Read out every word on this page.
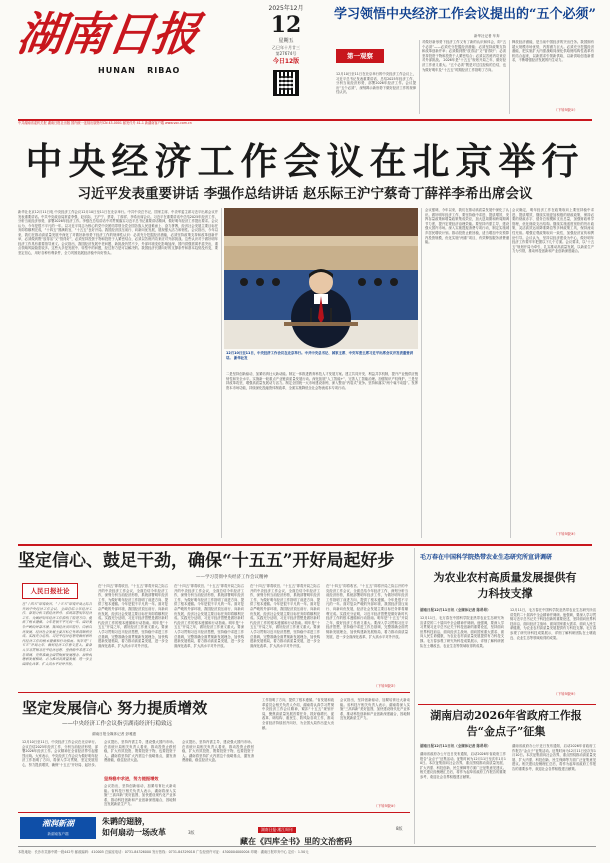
湖南日报
HUNAN   RIBAO
2025年12月
12
星期五
乙巳年十月廿三
第27674号
今日12版
中共湖南省委机关报 湖南日报社出版 国内统一连续出版物号CN 43-0001 邮发代号 41-1 新湖南客户端 www.voc.com.cn
学习领悟中央经济工作会议提出的“五个必须”
新华社记者 车奔
第一观察
12月10日至11日在北京举行的中央经济工作会议上，习近平总书记发表重要讲话，总结2025年经济工作，分析当前经济形势，部署2026年经济工作。会议提出“五个必须”，深刻揭示新形势下做好经济工作的规律性认识。
对做好新形势下经济工作又有了新的认识和体会，即“五个必须”——必须充分挖掘经济潜能；必须坚持政策支持和改革创新并举；必须做到既“放得活”又“管得好”；必须坚持投资于物和投资于人紧密结合；必须以苦练内功来应对外部挑战。 2026年是“十五五”规划开局之年，做好经济工作意义重大。“五个必须”既是对过往经验的总结，也为做好明年及“十五五”时期经济工作指明了方向。
释放经济潜能，是当前中国经济的突出任务。我国拥有超大规模市场优势，内需潜力巨大。必须充分挖掘经济潜能，把实施扩大内需战略同深化供给侧结构性改革有机结合起来，以新需求引领新供给，以新供给创造新需求，不断增强经济发展的内生动力。
（下转5版①）
中央经济工作会议在北京举行
习近平发表重要讲话 李强作总结讲话 赵乐际王沪宁蔡奇丁薛祥李希出席会议
新华社北京12月11日电 中央经济工作会议12月10日至11日在北京举行。中共中央总书记、国家主席、中央军委主席习近平出席会议并发表重要讲话。中共中央政治局常委李强、赵乐际、王沪宁、蔡奇、丁薛祥、李希出席会议。习近平在重要讲话中总结2025年经济工作，分析当前经济形势，部署2026年经济工作。李强在总结讲话中对贯彻落实习近平总书记重要讲话精神，做好明年经济工作提出要求。会议认为，今年是很不平凡的一年。以习近平同志为核心的党中央团结带领全党全国各族人民迎难而上、奋力拼搏，经济社会发展主要目标任务即将顺利完成，“十四五”圆满收官，“十五五”良好开局。我国经济顶压前行、向新向优发展，展现强大活力和韧性。会议指出，今年以来，我们在推动高质量发展中深化了对做好新形势下经济工作的规律性认识：必须充分挖掘经济潜能，必须坚持政策支持和改革创新并举，必须做到既“放得活”又“管得好”，必须坚持投资于物和投资于人紧密结合，必须以苦练内功来应对外部挑战。这些认识对于做好明年经济工作具有重要指导意义。会议指出，我国经济发展中老问题、新挑战仍然不少，外部环境变化影响加深，国内供强需弱矛盾突出，重点领域风险隐患较多。这些大多是发展中、转型中的问题，经过努力是可以解决的。我国经济长期向好的支撑条件和基本趋势没有变，要坚定信心，用好各种有利条件，全力巩固拓展经济稳中向好势头。
12月10日至11日，中央经济工作会议在北京举行。中共中央总书记、国家主席、中央军委主席习近平出席会议并发表重要讲话。 新华社发
二是坚持创新驱动，加紧培育壮大新动能。制定一体推进教育科技人才发展方案。建立共同开发、利益共享机制，提升产业链供应链韧性和安全水平。实施新一轮重点产业链高质量发展行动。深化拓展“人工智能+”，完善人工智能治理。加强知识产权保护。三是坚持改革攻坚，增强高质量发展动力活力。制定全国统一大市场建设条例，深入整治“内卷式”竞争。坚持和落实“两个毫不动摇”。发挥资本市场功能，持续深化投融资体制改革，全面实施降低全社会物流成本专项行动。
会议强调，今年以来，我们在推动高质量发展中深化了认识。做好明年经济工作，要坚持稳中求进、提质增效，发挥存量政策和增量政策集成效应，加大逆周期和跨周期调节力度，提升宏观经济治理效能。要坚持内需主导，建设强大国内市场。深入实施提振消费专项行动，制定实施城乡居民增收计划。推动投资止跌回稳，适当增加中央预算内投资规模，优化实施“两重”项目，有效释放服务消费潜能。
会议确定，明年经济工作在政策取向上要坚持稳中求进、提质增效，继续实施更加积极的财政政策，保持必要的财政赤字、债务总规模和支出总量，加强财政科学管理，优化财政支出结构。继续实施适度宽松的货币政策，灵活高效运用降准降息等多种政策工具，保持流动性充裕。增强宏观政策取向一致性，加强经济宣传和舆论引导。会议认为，坚持以经济建设为中心，做好明年经济工作要牢牢把握以下几个方面。会议要求，以“十五五”规划开局为牵引，扎实推动高质量发展，以新质生产力为引领，推动科技创新和产业创新深度融合。
（下转5版③）
坚定信心、鼓足干劲，确保“十五五”开好局起好步
——学习贯彻中央经济工作会议精神
人民日报社论
在“十四五”即将收官、“十五五”即将开局之际召开的中央经济工作会议，全面总结今年经济工作，深刻分析当前经济形势，系统部署明年经济工作，为做好明年经济工作指明了前进方向、提供了根本遵循。今年是很不平凡的一年。面对复杂严峻的外部环境，我国经济顶压前行、向新向优发展，经济社会发展主要目标任务即将顺利完成。实践充分证明，习近平经济思想是做好新时代经济工作的根本遵循和行动指南。明年是“十五五”开局之年，做好经济工作意义重大。要深入学习贯彻习近平经济思想，坚持稳中求进工作总基调，完整准确全面贯彻新发展理念，加快构建新发展格局，着力推动高质量发展，进一步全面深化改革，扩大高水平对外开放。
在“十四五”即将收官、“十五五”即将开局之际召开的中央经济工作会议，全面总结今年经济工作，深刻分析当前经济形势，系统部署明年经济工作，为做好明年经济工作指明了前进方向、提供了根本遵循。今年是很不平凡的一年。面对复杂严峻的外部环境，我国经济顶压前行、向新向优发展，经济社会发展主要目标任务即将顺利完成。实践充分证明，习近平经济思想是做好新时代经济工作的根本遵循和行动指南。明年是“十五五”开局之年，做好经济工作意义重大。要深入学习贯彻习近平经济思想，坚持稳中求进工作总基调，完整准确全面贯彻新发展理念，加快构建新发展格局，着力推动高质量发展，进一步全面深化改革，扩大高水平对外开放。
在“十四五”即将收官、“十五五”即将开局之际召开的中央经济工作会议，全面总结今年经济工作，深刻分析当前经济形势，系统部署明年经济工作，为做好明年经济工作指明了前进方向、提供了根本遵循。今年是很不平凡的一年。面对复杂严峻的外部环境，我国经济顶压前行、向新向优发展，经济社会发展主要目标任务即将顺利完成。实践充分证明，习近平经济思想是做好新时代经济工作的根本遵循和行动指南。明年是“十五五”开局之年，做好经济工作意义重大。要深入学习贯彻习近平经济思想，坚持稳中求进工作总基调，完整准确全面贯彻新发展理念，加快构建新发展格局，着力推动高质量发展，进一步全面深化改革，扩大高水平对外开放。
在“十四五”即将收官、“十五五”即将开局之际召开的中央经济工作会议，全面总结今年经济工作，深刻分析当前经济形势，系统部署明年经济工作，为做好明年经济工作指明了前进方向、提供了根本遵循。今年是很不平凡的一年。面对复杂严峻的外部环境，我国经济顶压前行、向新向优发展，经济社会发展主要目标任务即将顺利完成。实践充分证明，习近平经济思想是做好新时代经济工作的根本遵循和行动指南。明年是“十五五”开局之年，做好经济工作意义重大。要深入学习贯彻习近平经济思想，坚持稳中求进工作总基调，完整准确全面贯彻新发展理念，加快构建新发展格局，着力推动高质量发展，进一步全面深化改革，扩大高水平对外开放。
在“十四五”即将收官、“十五五”即将开局之际召开的中央经济工作会议，全面总结今年经济工作，深刻分析当前经济形势，系统部署明年经济工作，为做好明年经济工作指明了前进方向、提供了根本遵循。今年是很不平凡的一年。面对复杂严峻的外部环境，我国经济顶压前行、向新向优发展，经济社会发展主要目标任务即将顺利完成。实践充分证明，习近平经济思想是做好新时代经济工作的根本遵循和行动指南。明年是“十五五”开局之年，做好经济工作意义重大。要深入学习贯彻习近平经济思想，坚持稳中求进工作总基调，完整准确全面贯彻新发展理念，加快构建新发展格局，着力推动高质量发展，进一步全面深化改革，扩大高水平对外开放。
（下转5版②）
坚定发展信心 努力提质增效
——中央经济工作会议指引湖南经济行稳致远
湖南日报全媒体记者 彭雅惠
12月10日至11日，中央经济工作会议在北京举行。会议总结2025年经济工作，分析当前经济形势，部署2026年经济工作。会议精神在全省经济界引起强烈反响。大家表示，中央经济工作会议为做好明年经济工作指明了方向，将深入学习贯彻，坚定发展信心，努力提质增效，确保“十五五”开好局、起好步。
会议提出，坚持内需主导，建设强大国内市场。在省统计局相关负责人看来，推动投资止跌回稳，扩大有效投资，既要投资于物，也要投资于人。湖南将坚持扩大内需这个战略基点，激发消费潜能，稳住经济大盘。
坚持稳中求进，努力提振增效
会议指出，坚持创新驱动，加紧培育壮大新动能。省科技厅相关负责人表示，湖南将深入实施“三高四新”美好蓝图，加快建设现代化产业体系，推动科技创新和产业创新深度融合，因地制宜发展新质生产力。
会议提出，坚持内需主导，建设强大国内市场。在省统计局相关负责人看来，推动投资止跌回稳，扩大有效投资，既要投资于物，也要投资于人。湖南将坚持扩大内需这个战略基点，激发消费潜能，稳住经济大盘。
工作指明了方向，提供了根本遵循。”省发展和改革委员会相关负责人介绍，湖南将认真学习贯彻中央经济工作会议精神，紧扣“十五五”规划开局，聚焦高质量发展首要任务，抓好稳增长、促改革、调结构、惠民生、防风险各项工作，推动全省经济持续回升向好，为全国大局作出更大贡献。
会议指出，坚持创新驱动，加紧培育壮大新动能。省科技厅相关负责人表示，湖南将深入实施“三高四新”美好蓝图，加快建设现代化产业体系，推动科技创新和产业创新深度融合，因地制宜发展新质生产力。
（下转5版④）
湘润新湖
新湖南客户端
朱鹮的翅膀，
如何扇动一场改革	3版
湖南日报·湘江周刊
藏在《四库全书》里的文治密码
8版
毛万春在中国科学院热带农业生态研究所宣讲调研
为农业农村高质量发展提供有力科技支撑
湖南日报12月11日讯（全媒体记者 陈昂昂）
12月11日，毛万春在中国科学院亚热带农业生态研究所宣讲党的二十届四中全会精神并调研。他强调，要深入学习贯彻习近平总书记关于科技创新的重要论述，坚持面向世界科技前沿、面向经济主战场、面向国家重大需求、面向人民生命健康，为农业农村高质量发展提供有力科技支撑。毛万春参观了研究所科技成果展示，详细了解科研团队在土壤改良、农业生态等领域取得的成果。
12月11日，毛万春在中国科学院亚热带农业生态研究所宣讲党的二十届四中全会精神并调研。他强调，要深入学习贯彻习近平总书记关于科技创新的重要论述，坚持面向世界科技前沿、面向经济主战场、面向国家重大需求、面向人民生命健康，为农业农村高质量发展提供有力科技支撑。毛万春参观了研究所科技成果展示，详细了解科研团队在土壤改良、农业生态等领域取得的成果。
（下转5版⑤）
湖南启动2026年省政府工作报告“金点子”征集
湖南日报12月11日讯（全媒体记者 陈昂昂）
湖南省政府办公厅近日发布通知，启动2026年省政府工作报告“金点子”征集活动。征集时间为12月11日至次年1月10日。本次征集面向社会各界，重点围绕推动高质量发展、扩大内需、科技创新、民生保障等方面广泛征集意见建议。相关建议经梳理汇总后，将作为起草省政府工作报告的重要参考，欢迎社会各界积极建言献策。
湖南省政府办公厅近日发布通知，启动2026年省政府工作报告“金点子”征集活动。征集时间为12月11日至次年1月10日。本次征集面向社会各界，重点围绕推动高质量发展、扩大内需、科技创新、民生保障等方面广泛征集意见建议。相关建议经梳理汇总后，将作为起草省政府工作报告的重要参考，欢迎社会各界积极建言献策。
本报地址：长沙市芙蓉中路一段442号 邮政编码：410005 总编室电话：0731-84326000 发行热线：0731-84329018 广告经营许可证：4300004000004 印刷：湖南日报印务中心 定价：1.50元
